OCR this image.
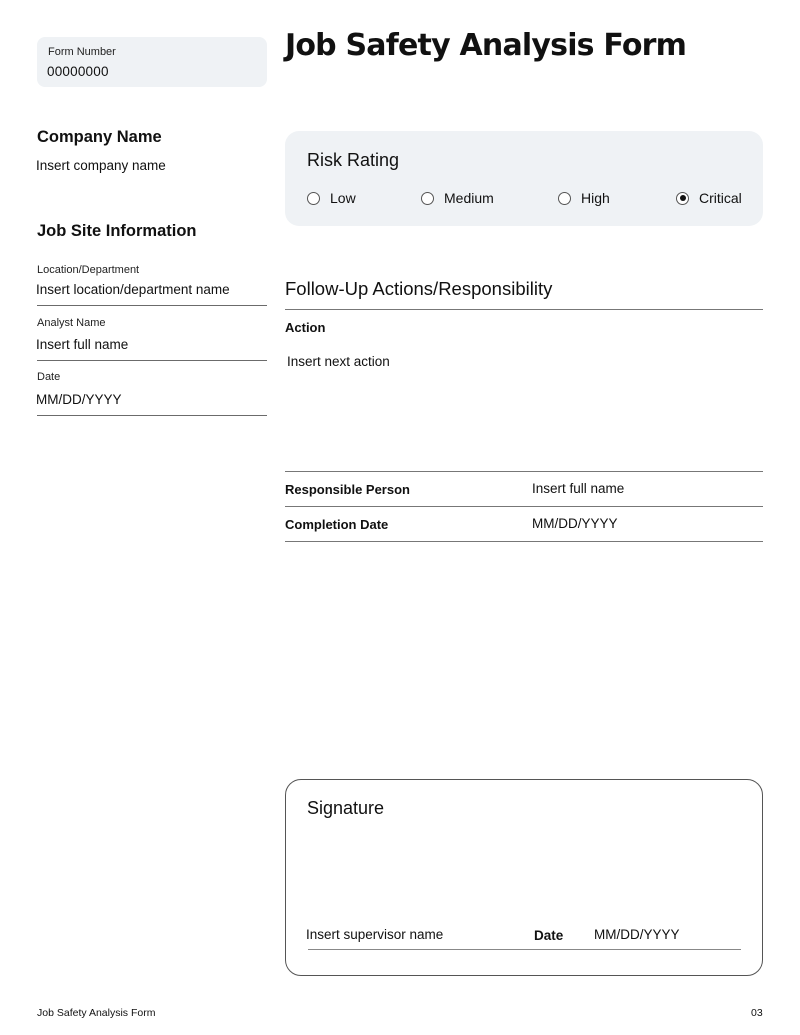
Form Number
00000000
Job Safety Analysis Form
Company Name
Insert company name
Job Site Information
Location/Department
Insert location/department name
Analyst Name
Insert full name
Date
MM/DD/YYYY
Risk Rating
Low	Medium	High	Critical
Follow-Up Actions/Responsibility
Action
Insert next action
Responsible Person	Insert full name
Completion Date	MM/DD/YYYY
Signature
Insert supervisor name	Date MM/DD/YYYY
Job Safety Analysis Form	03
